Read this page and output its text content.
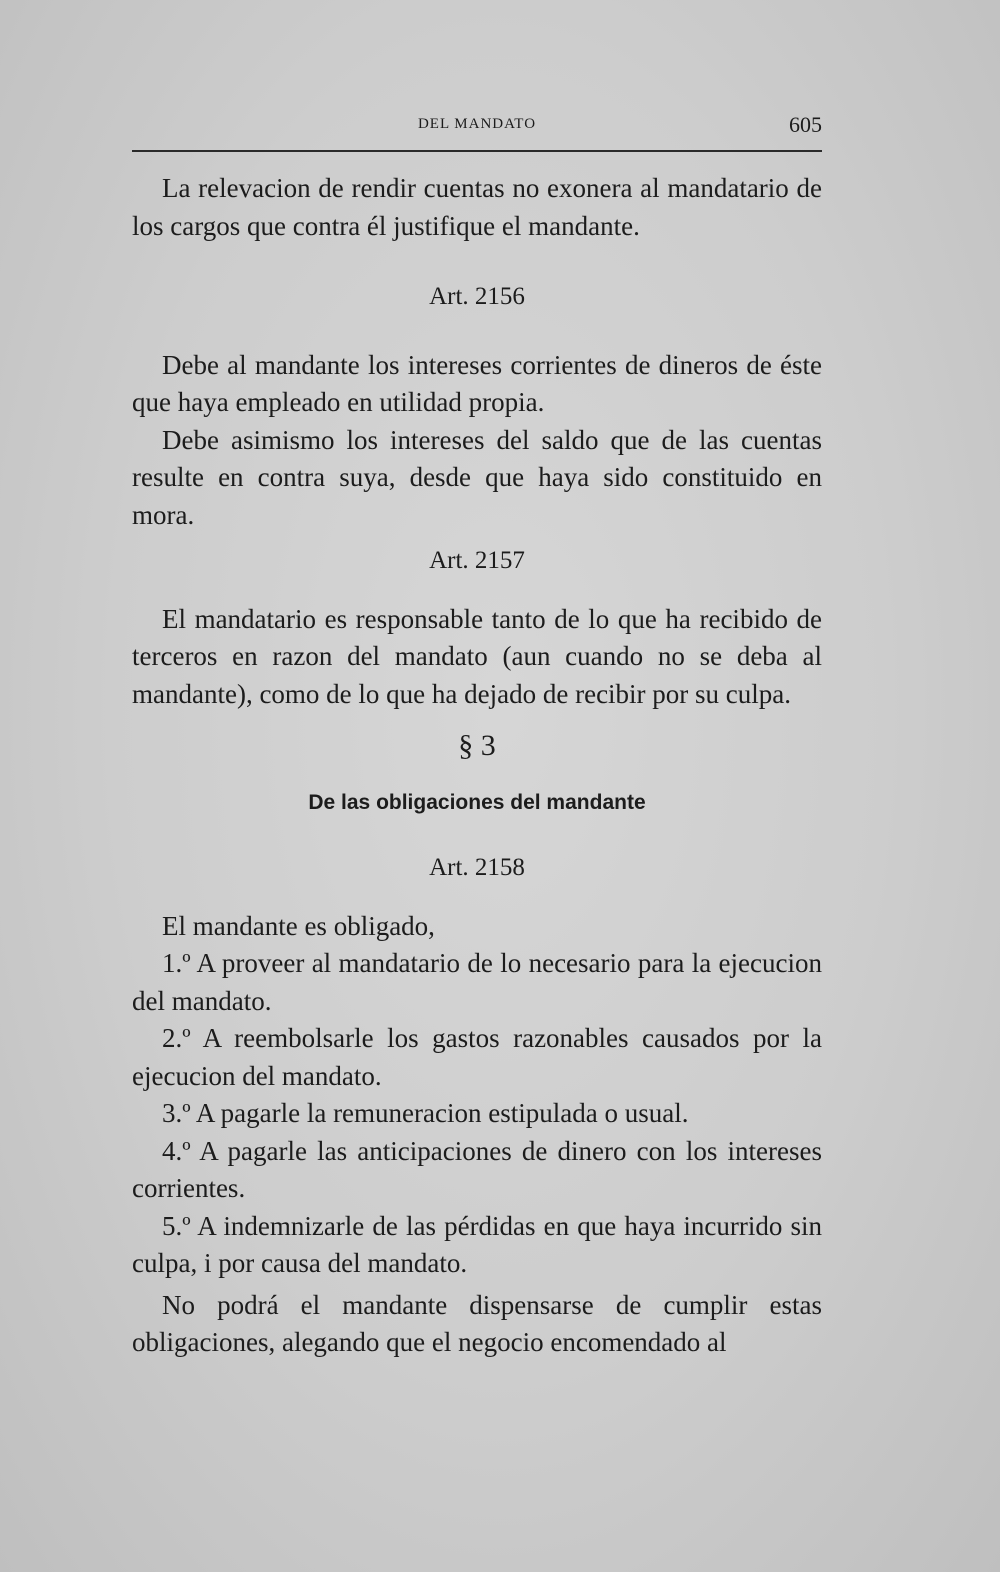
DEL MANDATO	605

La relevacion de rendir cuentas no exonera al mandatario de los cargos que contra él justifique el mandante.

Art. 2156

Debe al mandante los intereses corrientes de dineros de éste que haya empleado en utilidad propia.

Debe asimismo los intereses del saldo que de las cuentas resulte en contra suya, desde que haya sido constituido en mora.

Art. 2157

El mandatario es responsable tanto de lo que ha recibido de terceros en razon del mandato (aun cuando no se deba al mandante), como de lo que ha dejado de recibir por su culpa.

§ 3

De las obligaciones del mandante

Art. 2158

El mandante es obligado,

1.º A proveer al mandatario de lo necesario para la ejecucion del mandato.

2.º A reembolsarle los gastos razonables causados por la ejecucion del mandato.

3.º A pagarle la remuneracion estipulada o usual.

4.º A pagarle las anticipaciones de dinero con los intereses corrientes.

5.º A indemnizarle de las pérdidas en que haya incurrido sin culpa, i por causa del mandato.

No podrá el mandante dispensarse de cumplir estas obligaciones, alegando que el negocio encomendado al
